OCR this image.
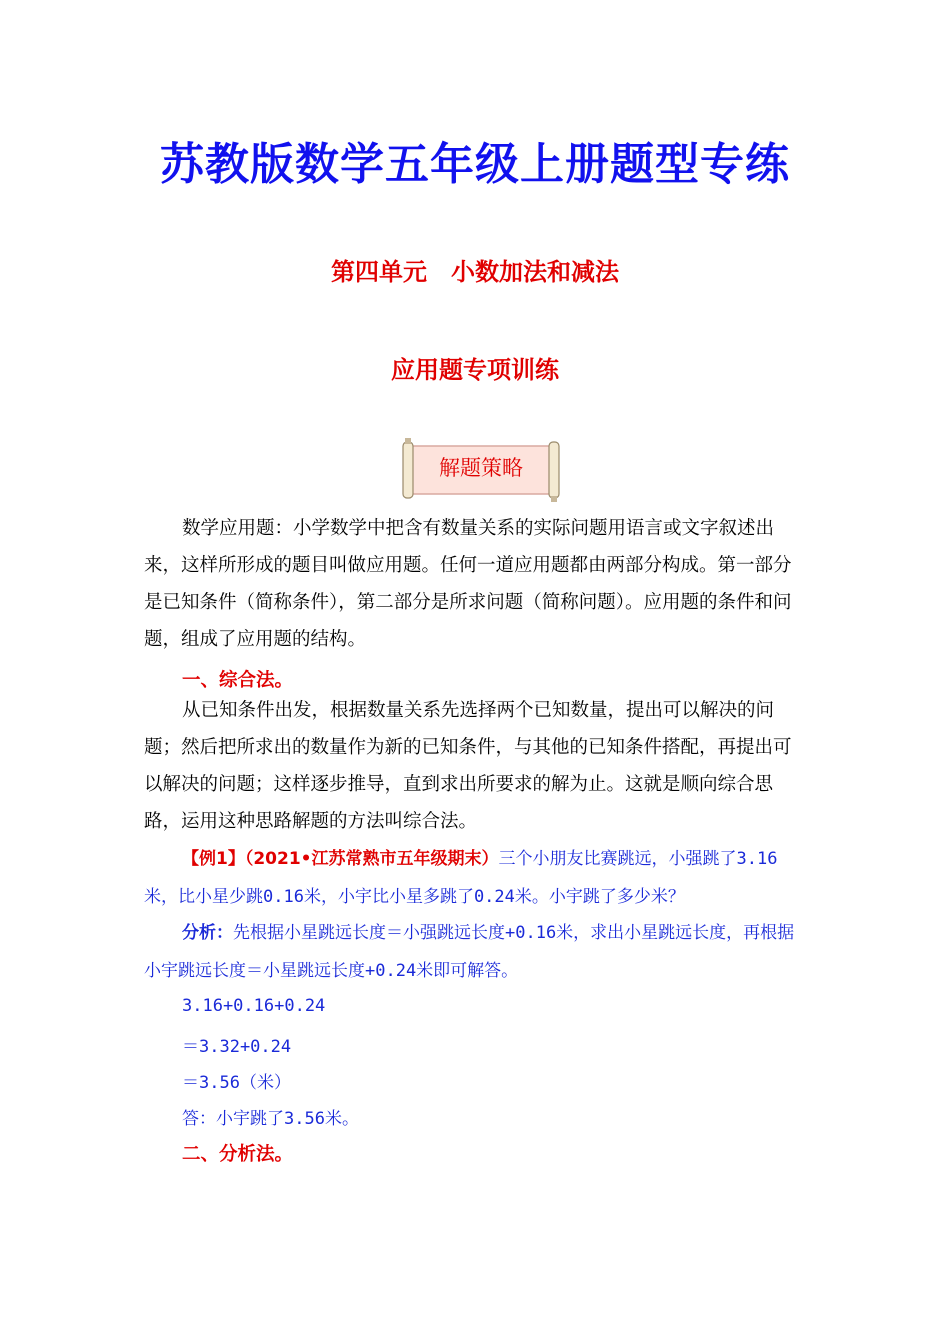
苏教版数学五年级上册题型专练
第四单元　小数加法和减法
应用题专项训练
解题策略
数学应用题：小学数学中把含有数量关系的实际问题用语言或文字叙述出来，这样所形成的题目叫做应用题。任何一道应用题都由两部分构成。第一部分是已知条件（简称条件），第二部分是所求问题（简称问题）。应用题的条件和问题，组成了应用题的结构。
一、综合法。
从已知条件出发，根据数量关系先选择两个已知数量，提出可以解决的问题；然后把所求出的数量作为新的已知条件，与其他的已知条件搭配，再提出可以解决的问题；这样逐步推导，直到求出所要求的解为止。这就是顺向综合思路，运用这种思路解题的方法叫综合法。
【例1】（2021•江苏常熟市五年级期末）三个小朋友比赛跳远，小强跳了3.16米，比小星少跳0.16米，小宇比小星多跳了0.24米。小宇跳了多少米？
分析：先根据小星跳远长度＝小强跳远长度+0.16米，求出小星跳远长度，再根据小宇跳远长度＝小星跳远长度+0.24米即可解答。
3.16+0.16+0.24
＝3.32+0.24
＝3.56（米）
答：小宇跳了3.56米。
二、分析法。
